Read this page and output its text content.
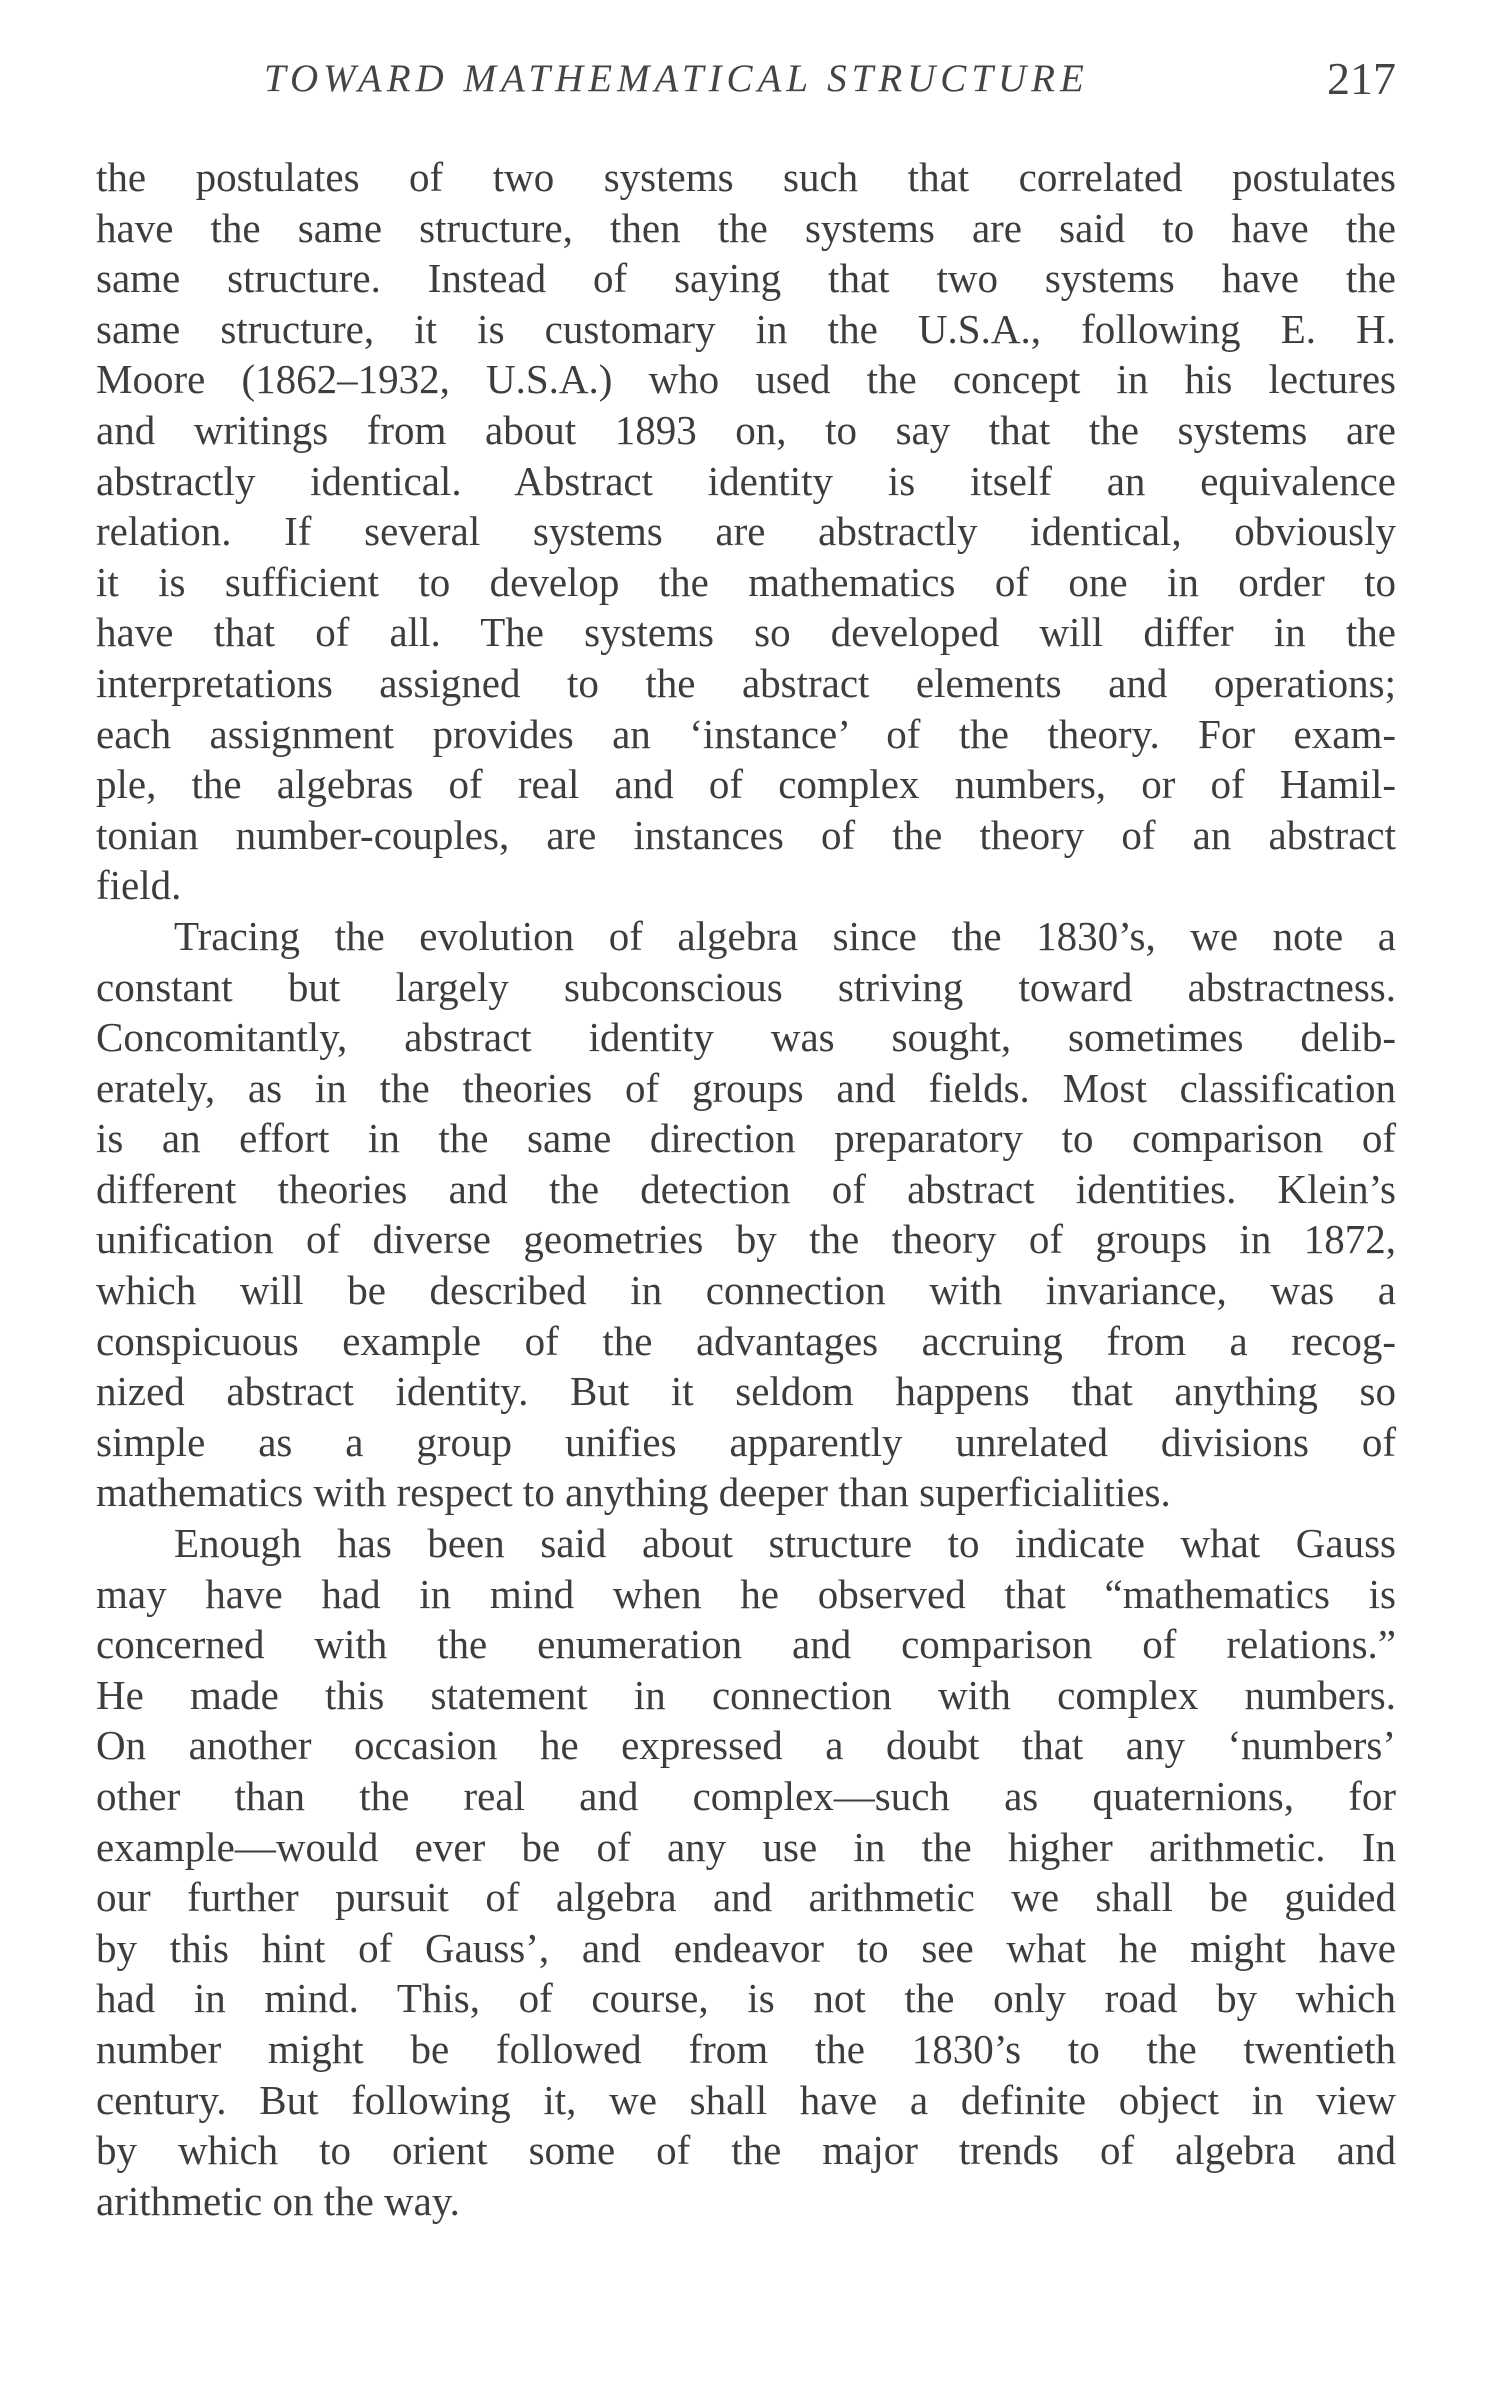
TOWARD MATHEMATICAL STRUCTURE	217
the postulates of two systems such that correlated postulates
have the same structure, then the systems are said to have the
same structure. Instead of saying that two systems have the
same structure, it is customary in the U.S.A., following E. H.
Moore (1862–1932, U.S.A.) who used the concept in his lectures
and writings from about 1893 on, to say that the systems are
abstractly identical. Abstract identity is itself an equivalence
relation. If several systems are abstractly identical, obviously
it is sufficient to develop the mathematics of one in order to
have that of all. The systems so developed will differ in the
interpretations assigned to the abstract elements and operations;
each assignment provides an ‘instance’ of the theory. For exam-
ple, the algebras of real and of complex numbers, or of Hamil-
tonian number-couples, are instances of the theory of an abstract
field.
Tracing the evolution of algebra since the 1830’s, we note a
constant but largely subconscious striving toward abstractness.
Concomitantly, abstract identity was sought, sometimes delib-
erately, as in the theories of groups and fields. Most classification
is an effort in the same direction preparatory to comparison of
different theories and the detection of abstract identities. Klein’s
unification of diverse geometries by the theory of groups in 1872,
which will be described in connection with invariance, was a
conspicuous example of the advantages accruing from a recog-
nized abstract identity. But it seldom happens that anything so
simple as a group unifies apparently unrelated divisions of
mathematics with respect to anything deeper than superficialities.
Enough has been said about structure to indicate what Gauss
may have had in mind when he observed that “mathematics is
concerned with the enumeration and comparison of relations.”
He made this statement in connection with complex numbers.
On another occasion he expressed a doubt that any ‘numbers’
other than the real and complex—such as quaternions, for
example—would ever be of any use in the higher arithmetic. In
our further pursuit of algebra and arithmetic we shall be guided
by this hint of Gauss’, and endeavor to see what he might have
had in mind. This, of course, is not the only road by which
number might be followed from the 1830’s to the twentieth
century. But following it, we shall have a definite object in view
by which to orient some of the major trends of algebra and
arithmetic on the way.
